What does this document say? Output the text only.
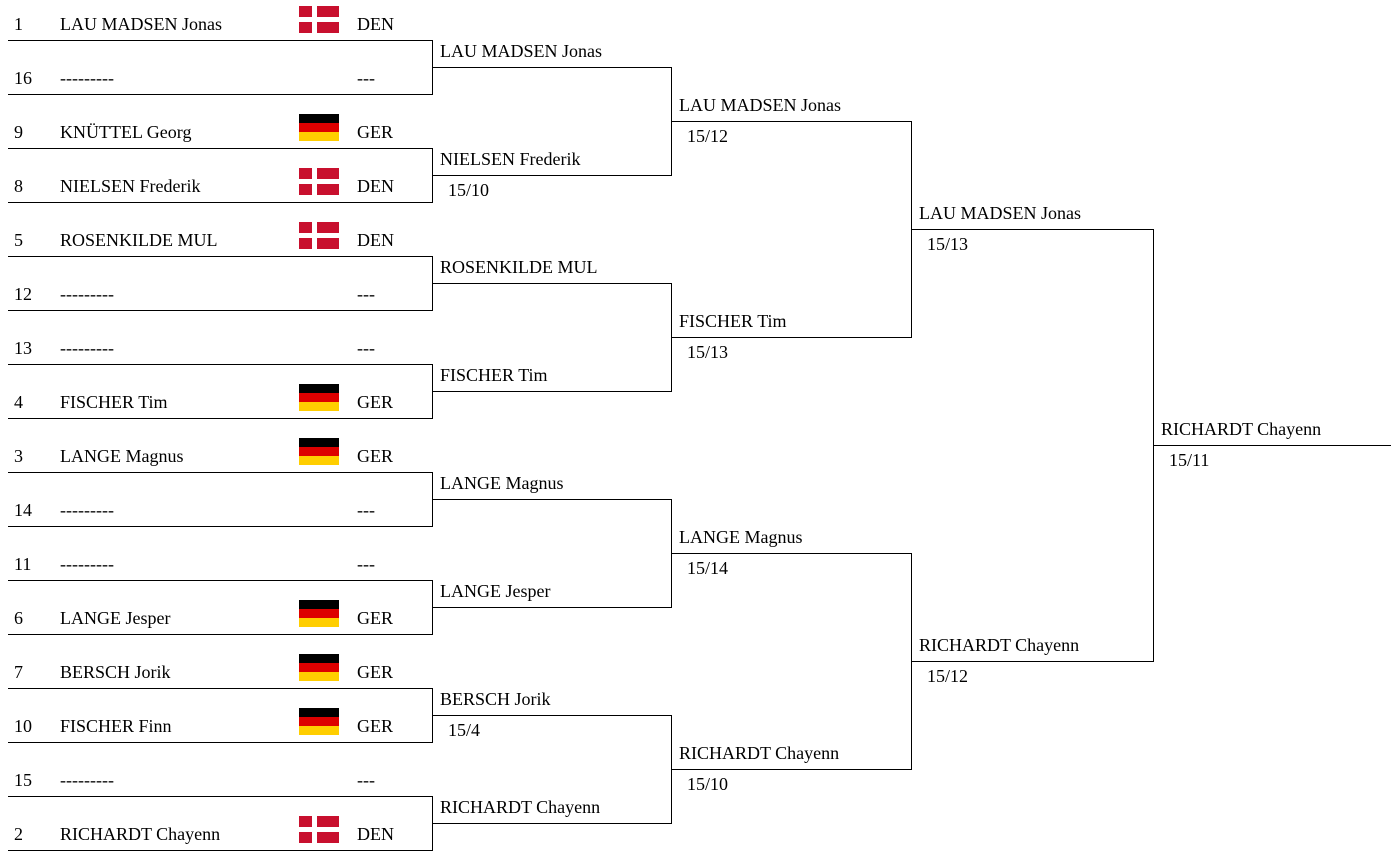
1 LAU MADSEN Jonas	DEN
16 ---------	---
9 KNÜTTEL Georg	GER
8 NIELSEN Frederik	DEN
5 ROSENKILDE MUL	DEN
12 ---------	---
13 ---------	---
4 FISCHER Tim	GER
3 LANGE Magnus	GER
14 ---------	---
11 ---------	---
6 LANGE Jesper	GER
7 BERSCH Jorik	GER
10 FISCHER Finn	GER
15 ---------	---
2 RICHARDT Chayenn	DEN
LAU MADSEN Jonas
NIELSEN Frederik
15/10
ROSENKILDE MUL
FISCHER Tim
LANGE Magnus
LANGE Jesper
BERSCH Jorik
15/4
RICHARDT Chayenn
LAU MADSEN Jonas
15/12
FISCHER Tim
15/13
LANGE Magnus
15/14
RICHARDT Chayenn
15/10
LAU MADSEN Jonas
15/13
RICHARDT Chayenn
15/12
RICHARDT Chayenn
15/11
